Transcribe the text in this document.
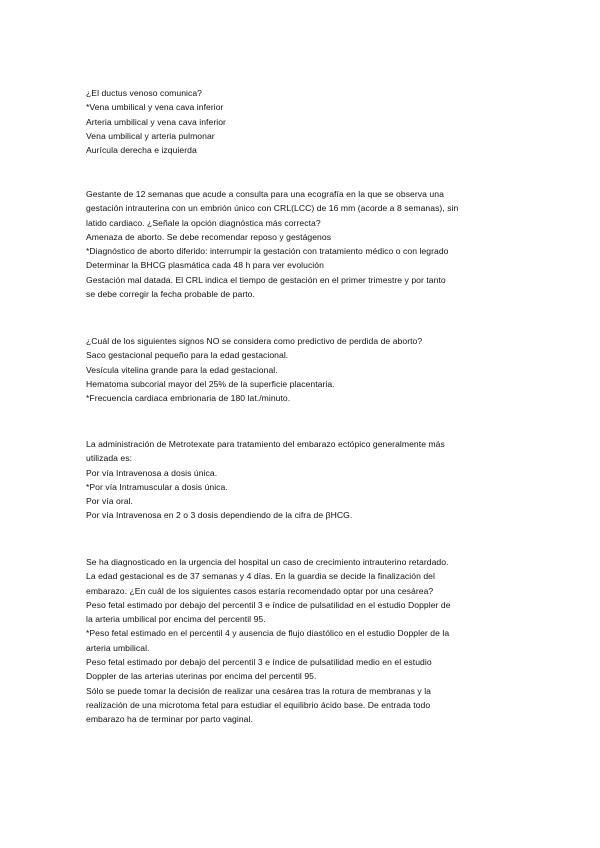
¿El ductus venoso comunica?
*Vena umbilical y vena cava inferior
Arteria umbilical y vena cava inferior
Vena umbilical y arteria pulmonar
Aurícula derecha e izquierda
Gestante de 12 semanas que acude a consulta para una ecografía en la que se observa una
gestación intrauterina con un embrión único con CRL(LCC) de 16 mm (acorde a 8 semanas), sin
latido cardiaco. ¿Señale la opción diagnóstica más correcta?
Amenaza de aborto. Se debe recomendar reposo y gestágenos
*Diagnóstico de aborto diferido: interrumpir la gestación con tratamiento médico o con legrado
Determinar la BHCG plasmática cada 48 h para ver evolución
Gestación mal datada. El CRL indica el tiempo de gestación en el primer trimestre y por tanto
se debe corregir la fecha probable de parto.
¿Cuál de los siguientes signos NO se considera como predictivo de perdida de aborto?
Saco gestacional pequeño para la edad gestacional.
Vesícula vitelina grande para la edad gestacional.
Hematoma subcorial mayor del 25% de la superficie placentaria.
*Frecuencia cardiaca embrionaria de 180 lat./minuto.
La administración de Metrotexate para tratamiento del embarazo ectópico generalmente más
utilizada es:
Por vía Intravenosa a dosis única.
*Por vía Intramuscular a dosis única.
Por vía oral.
Por vía Intravenosa en 2 o 3 dosis dependiendo de la cifra de βHCG.
Se ha diagnosticado en la urgencia del hospital un caso de crecimiento intrauterino retardado.
La edad gestacional es de 37 semanas y 4 días. En la guardia se decide la finalización del
embarazo. ¿En cuál de los siguientes casos estaría recomendado optar por una cesárea?
Peso fetal estimado por debajo del percentil 3 e índice de pulsatilidad en el estudio Doppler de
la arteria umbilical por encima del percentil 95.
*Peso fetal estimado en el percentil 4 y ausencia de flujo diastólico en el estudio Doppler de la
arteria umbilical.
Peso fetal estimado por debajo del percentil 3 e índice de pulsatilidad medio en el estudio
Doppler de las arterias uterinas por encima del percentil 95.
Sólo se puede tomar la decisión de realizar una cesárea tras la rotura de membranas y la
realización de una microtoma fetal para estudiar el equilibrio ácido base. De entrada todo
embarazo ha de terminar por parto vaginal.
